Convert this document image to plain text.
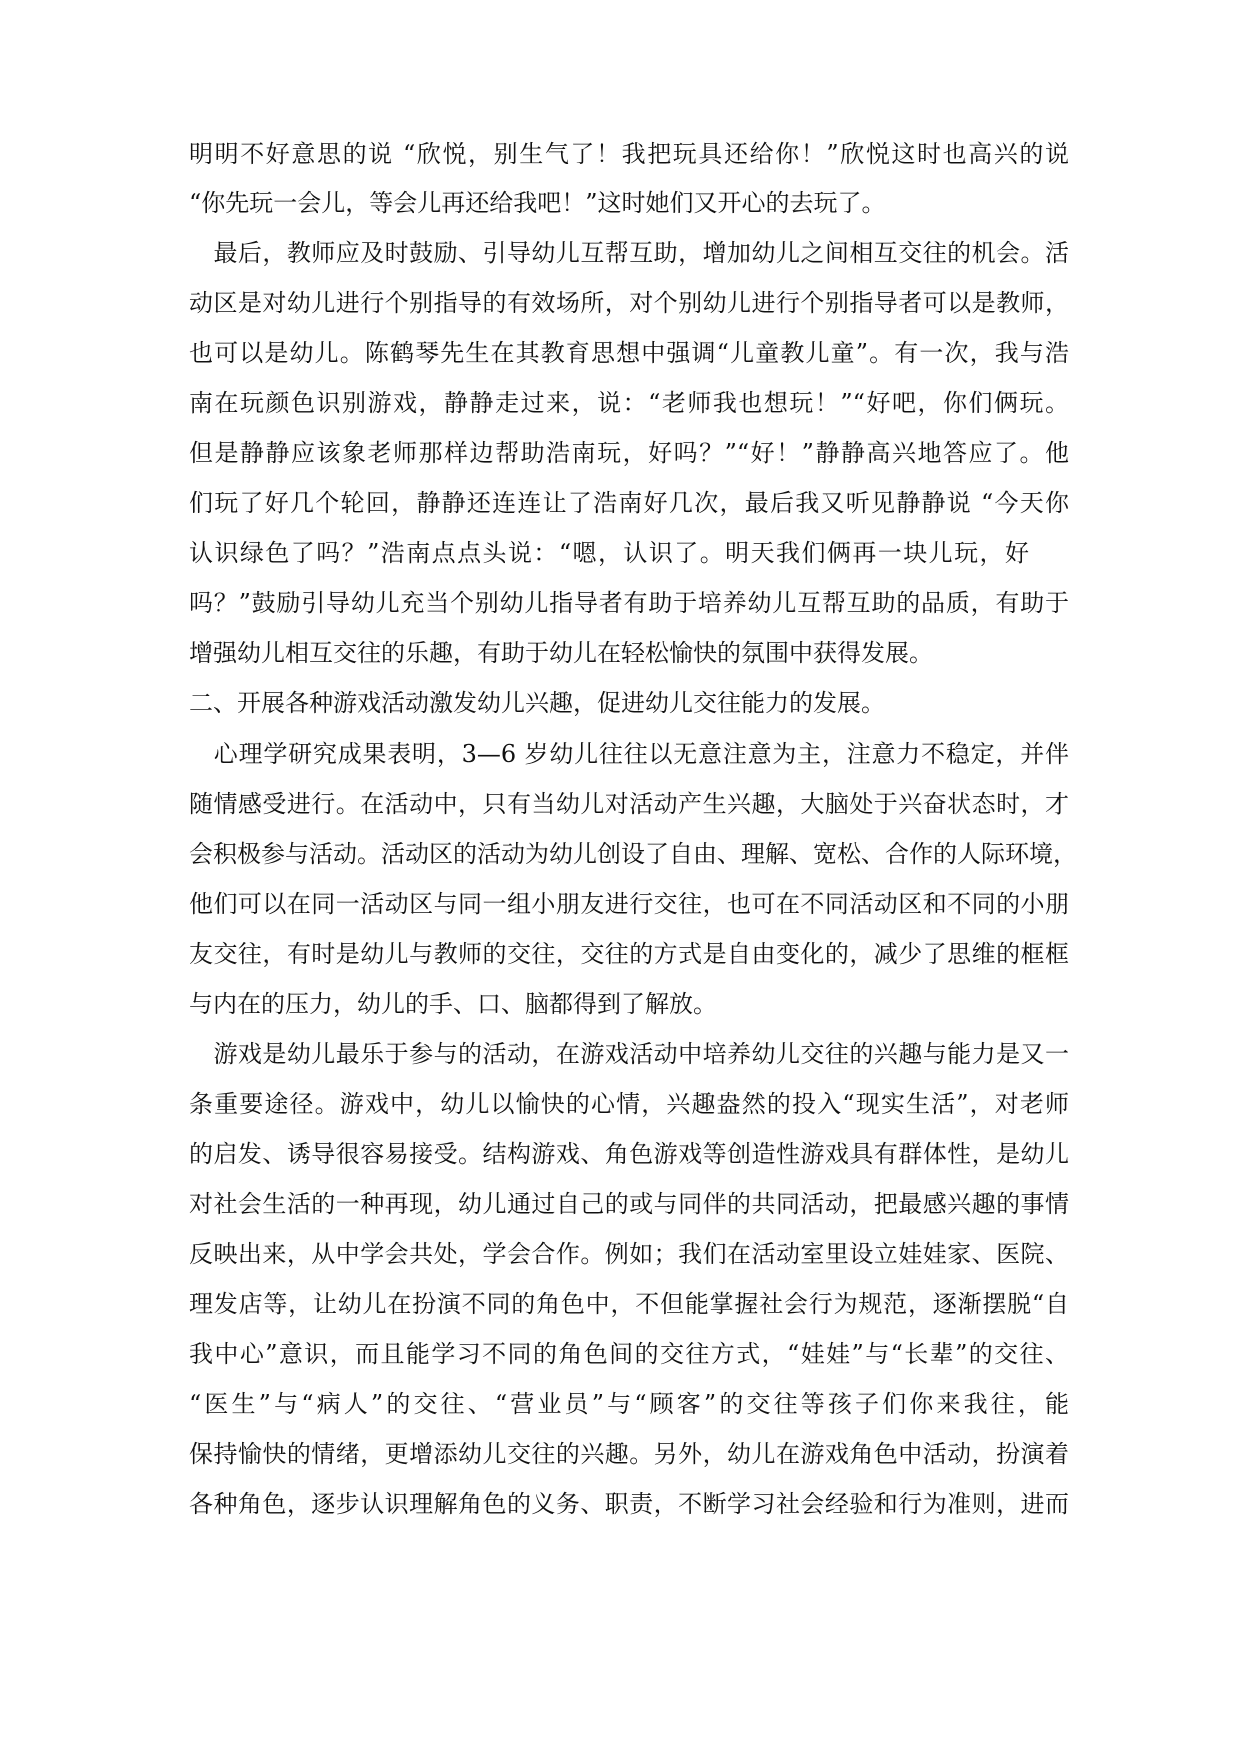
明明不好意思的说 “欣悦，别生气了！我把玩具还给你！”欣悦这时也高兴的说
“你先玩一会儿，等会儿再还给我吧！”这时她们又开心的去玩了。
　最后，教师应及时鼓励、引导幼儿互帮互助，增加幼儿之间相互交往的机会。活
动区是对幼儿进行个别指导的有效场所，对个别幼儿进行个别指导者可以是教师，
也可以是幼儿。陈鹤琴先生在其教育思想中强调“儿童教儿童”。有一次，我与浩
南在玩颜色识别游戏，静静走过来，说：“老师我也想玩！”“好吧，你们俩玩。
但是静静应该象老师那样边帮助浩南玩，好吗？”“好！”静静高兴地答应了。他
们玩了好几个轮回，静静还连连让了浩南好几次，最后我又听见静静说 “今天你
认识绿色了吗？”浩南点点头说：“嗯，认识了。明天我们俩再一块儿玩，好
吗？”鼓励引导幼儿充当个别幼儿指导者有助于培养幼儿互帮互助的品质，有助于
增强幼儿相互交往的乐趣，有助于幼儿在轻松愉快的氛围中获得发展。
二、开展各种游戏活动激发幼儿兴趣，促进幼儿交往能力的发展。
　心理学研究成果表明，3—6 岁幼儿往往以无意注意为主，注意力不稳定，并伴
随情感受进行。在活动中，只有当幼儿对活动产生兴趣，大脑处于兴奋状态时，才
会积极参与活动。活动区的活动为幼儿创设了自由、理解、宽松、合作的人际环境，
他们可以在同一活动区与同一组小朋友进行交往，也可在不同活动区和不同的小朋
友交往，有时是幼儿与教师的交往，交往的方式是自由变化的，减少了思维的框框
与内在的压力，幼儿的手、口、脑都得到了解放。
　游戏是幼儿最乐于参与的活动，在游戏活动中培养幼儿交往的兴趣与能力是又一
条重要途径。游戏中，幼儿以愉快的心情，兴趣盎然的投入“现实生活”，对老师
的启发、诱导很容易接受。结构游戏、角色游戏等创造性游戏具有群体性，是幼儿
对社会生活的一种再现，幼儿通过自己的或与同伴的共同活动，把最感兴趣的事情
反映出来，从中学会共处，学会合作。例如；我们在活动室里设立娃娃家、医院、
理发店等，让幼儿在扮演不同的角色中，不但能掌握社会行为规范，逐渐摆脱“自
我中心”意识，而且能学习不同的角色间的交往方式，“娃娃”与“长辈”的交往、
“医生”与“病人”的交往、“营业员”与“顾客”的交往等孩子们你来我往，能
保持愉快的情绪，更增添幼儿交往的兴趣。另外，幼儿在游戏角色中活动，扮演着
各种角色，逐步认识理解角色的义务、职责，不断学习社会经验和行为准则，进而
